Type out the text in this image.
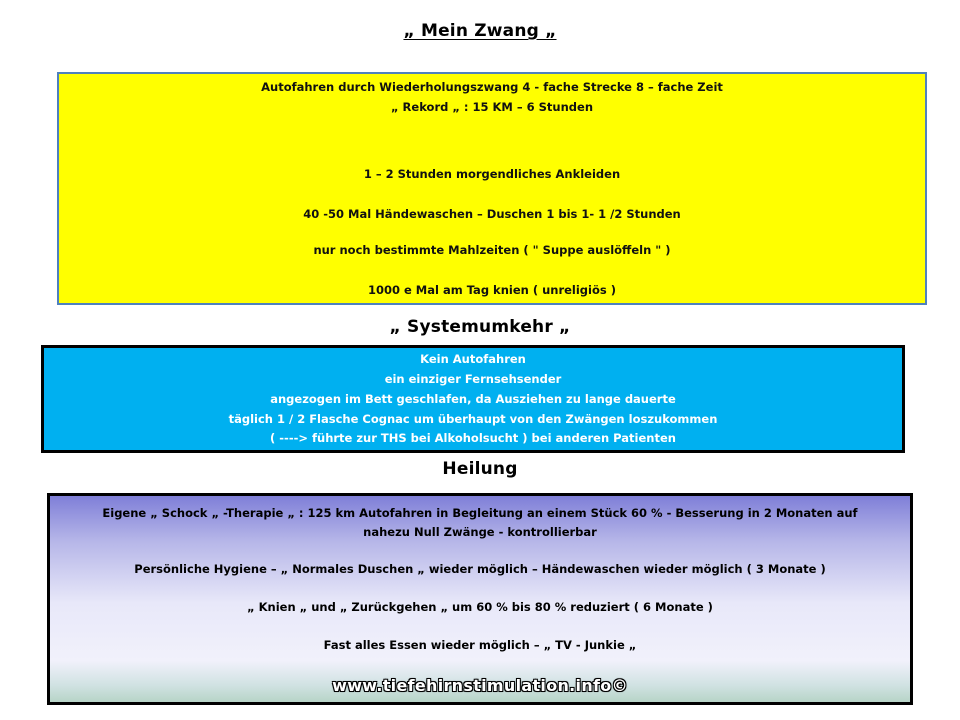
„ Mein Zwang „
Autofahren durch Wiederholungszwang 4 - fache Strecke 8 – fache Zeit
„ Rekord „ : 15 KM – 6 Stunden
1 – 2 Stunden morgendliches Ankleiden
40 -50 Mal Händewaschen – Duschen 1 bis 1- 1 /2 Stunden
nur noch bestimmte Mahlzeiten ( " Suppe auslöffeln " )
1000 e Mal am Tag knien ( unreligiös )
„ Systemumkehr „
Kein Autofahren
ein einziger Fernsehsender
angezogen im Bett geschlafen, da Ausziehen zu lange dauerte
täglich 1 / 2 Flasche Cognac um überhaupt von den Zwängen loszukommen
( ----> führte zur THS bei Alkoholsucht ) bei anderen Patienten
Heilung
Eigene „ Schock „ -Therapie „ : 125 km Autofahren in Begleitung an einem Stück 60 % - Besserung in 2 Monaten auf nahezu Null Zwänge - kontrollierbar
Persönliche Hygiene – „ Normales Duschen „ wieder möglich – Händewaschen wieder möglich ( 3 Monate )
„ Knien „ und „ Zurückgehen „ um 60 % bis 80 % reduziert ( 6 Monate )
Fast alles Essen wieder möglich – „ TV - Junkie „
www.tiefehirnstimulation.info©
